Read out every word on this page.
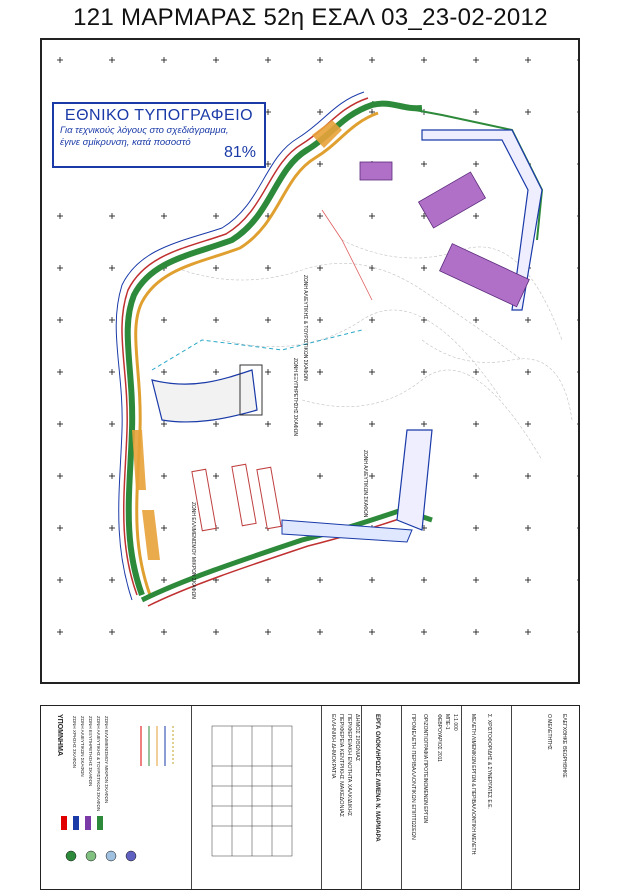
121 ΜΑΡΜΑΡΑΣ 52η ΕΣΑΛ 03_23-02-2012
ΖΩΝΗ ΑΛΙΕΥΤΙΚΗΣ & ΤΟΥΡΙΣΤΙΚΩΝ ΣΚΑΦΩΝ
ΖΩΝΗ ΕΞΥΠΗΡΕΤΗΣΗΣ ΣΚΑΦΩΝ
ΖΩΝΗ ΕΛΛΙΜΕΝΙΣΜΟΥ ΜΙΚΡΩΝ ΣΚΑΦΩΝ
ΖΩΝΗ ΑΛΙΕΥΤΙΚΩΝ ΣΚΑΦΩΝ
ΕΘΝΙΚΟ ΤΥΠΟΓΡΑΦΕΙΟ
Για τεχνικούς λόγους στο σχεδιάγραμμα,
έγινε σμίκρυνση, κατά ποσοστό
81%
ΥΠΟΜΝΗΜΑ ΖΩΝΗ ΧΡΗΣΗΣ ΣΚΑΦΩΝ ΖΩΝΗ ΑΛΙΕΥΤΙΚΩΝ ΣΚΑΦΩΝ ΖΩΝΗ ΕΞΥΠΗΡΕΤΗΣΗΣ ΣΚΑΦΩΝ ΖΩΝΗ ΑΛΙΕΥΤΙΚΗΣ & ΤΟΥΡΙΣΤΙΚΩΝ ΣΚΑΦΩΝ ΖΩΝΗ ΕΛΛΙΜΕΝΙΣΜΟΥ ΜΙΚΡΩΝ ΣΚΑΦΩΝ	ΕΛΛΗΝΙΚΗ ΔΗΜΟΚΡΑΤΙΑ ΠΕΡΙΦΕΡΕΙΑ ΚΕΝΤΡΙΚΗΣ ΜΑΚΕΔΟΝΙΑΣ ΠΕΡΙΦΕΡΕΙΑΚΗ ΕΝΟΤΗΤΑ ΧΑΛΚΙΔΙΚΗΣ ΔΗΜΟΣ ΣΙΘΩΝΙΑΣ ΕΡΓΑ ΟΛΟΚΛΗΡΩΣΗΣ ΛΙΜΕΝΑ Ν. ΜΑΡΜΑΡΑ	ΠΡΟΜΕΛΕΤΗ ΠΕΡΙΒΑΛΛΟΝΤΙΚΩΝ ΕΠΙΠΤΩΣΕΩΝ ΟΡΙΖΟΝΤΙΟΓΡΑΦΙΑ ΠΡΟΤΕΙΝΟΜΕΝΩΝ ΕΡΓΩΝ ΦΕΒΡΟΥΑΡΙΟΣ 2011 ΜΠΕ-1 1:1.000 ΜΕΛΕΤΗ ΛΙΜΕΝΙΚΩΝ ΕΡΓΩΝ & ΠΕΡΙΒΑΛΛΟΝΤΙΚΗ ΜΕΛΕΤΗ: Σ. ΧΡΙΣΤΟΦΟΡΙΔΗΣ & ΣΥΝΕΡΓΑΤΕΣ Ε.Ε.	Ο ΜΕΛΕΤΗΤΗΣ ΕΛΕΓΧΘΗΚΕ ΘΕΩΡΗΘΗΚΕ
